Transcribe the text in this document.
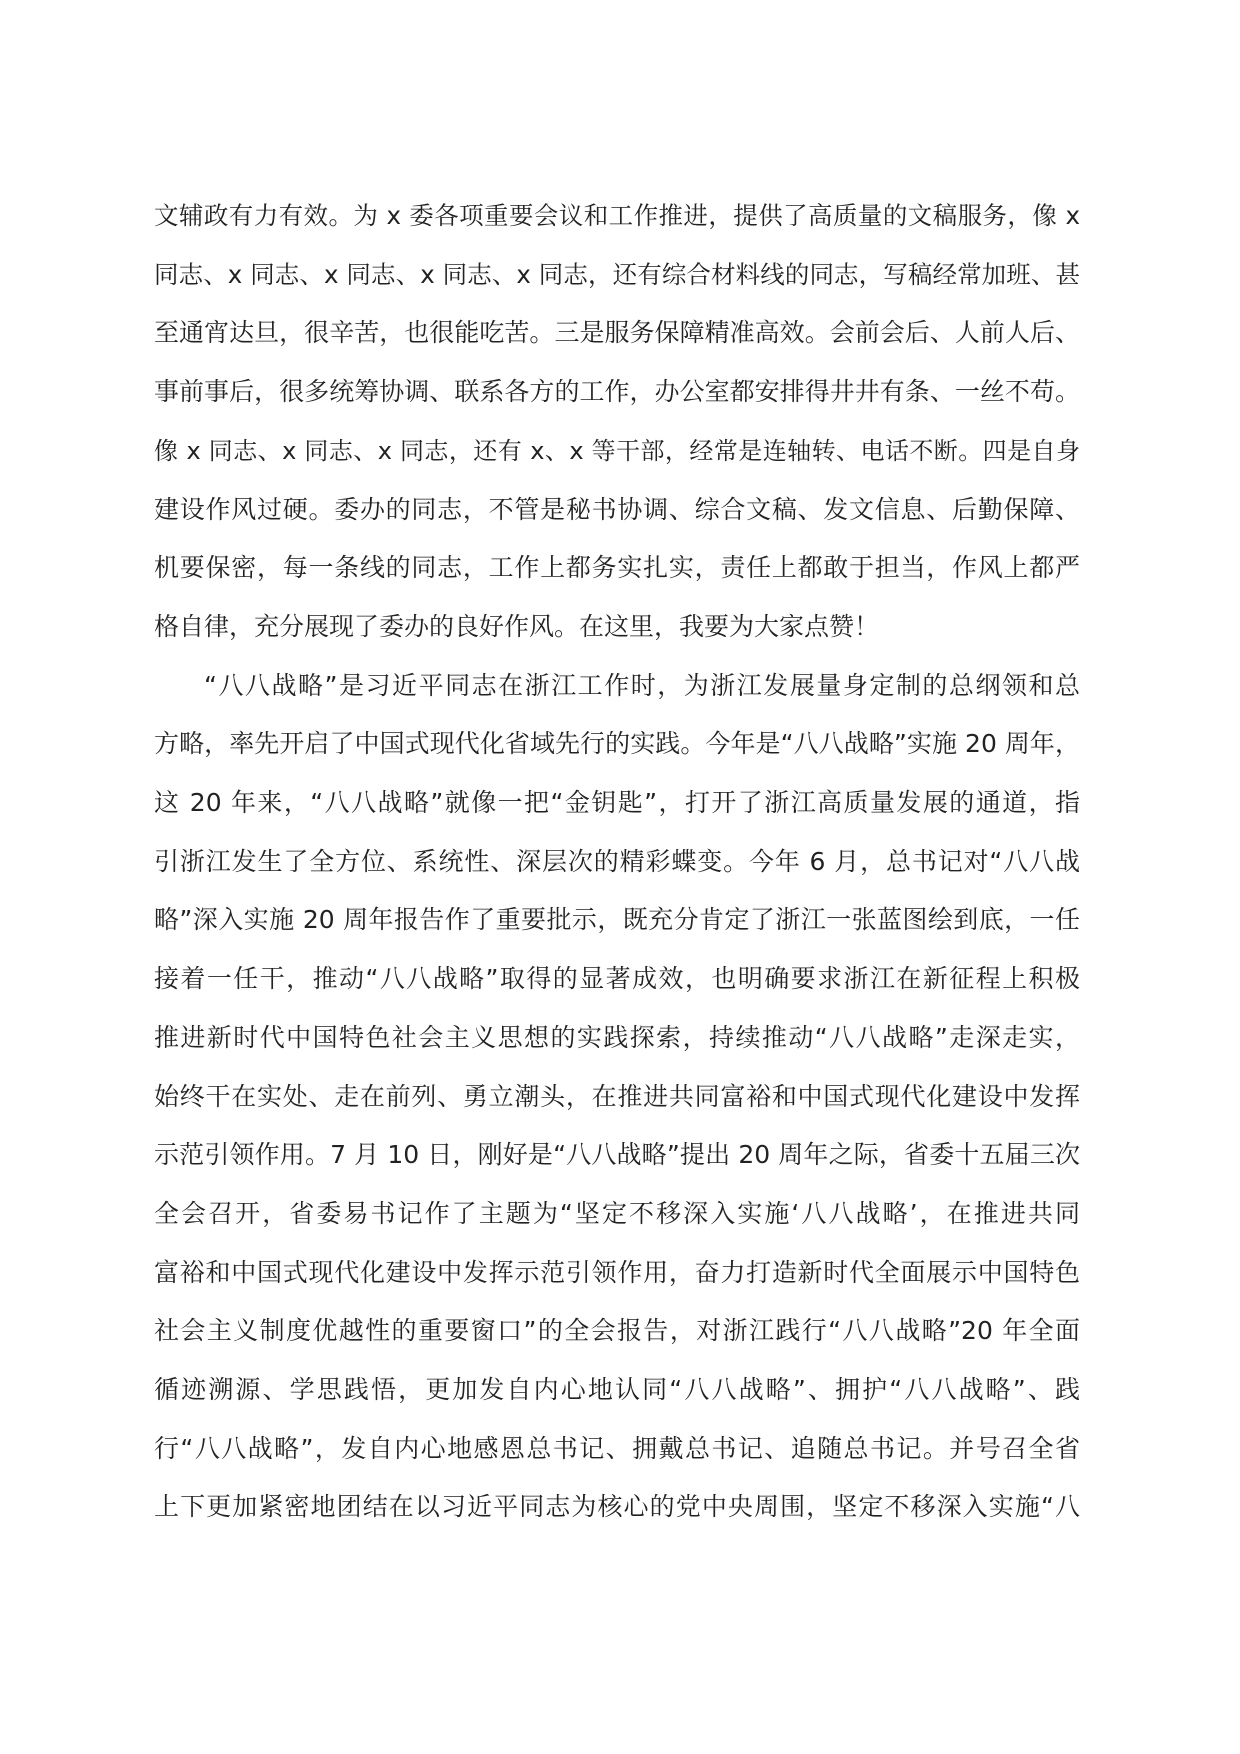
文辅政有力有效。为 x 委各项重要会议和工作推进，提供了高质量的文稿服务，像 x
同志、x 同志、x 同志、x 同志、x 同志，还有综合材料线的同志，写稿经常加班、甚
至通宵达旦，很辛苦，也很能吃苦。三是服务保障精准高效。会前会后、人前人后、
事前事后，很多统筹协调、联系各方的工作，办公室都安排得井井有条、一丝不苟。
像 x 同志、x 同志、x 同志，还有 x、x 等干部，经常是连轴转、电话不断。四是自身
建设作风过硬。委办的同志，不管是秘书协调、综合文稿、发文信息、后勤保障、
机要保密，每一条线的同志，工作上都务实扎实，责任上都敢于担当，作风上都严
格自律，充分展现了委办的良好作风。在这里，我要为大家点赞！
“八八战略”是习近平同志在浙江工作时，为浙江发展量身定制的总纲领和总
方略，率先开启了中国式现代化省域先行的实践。今年是“八八战略”实施 20 周年，
这 20 年来，“八八战略”就像一把“金钥匙”，打开了浙江高质量发展的通道，指
引浙江发生了全方位、系统性、深层次的精彩蝶变。今年 6 月，总书记对“八八战
略”深入实施 20 周年报告作了重要批示，既充分肯定了浙江一张蓝图绘到底，一任
接着一任干，推动“八八战略”取得的显著成效，也明确要求浙江在新征程上积极
推进新时代中国特色社会主义思想的实践探索，持续推动“八八战略”走深走实，
始终干在实处、走在前列、勇立潮头，在推进共同富裕和中国式现代化建设中发挥
示范引领作用。7 月 10 日，刚好是“八八战略”提出 20 周年之际，省委十五届三次
全会召开，省委易书记作了主题为“坚定不移深入实施‘八八战略’，在推进共同
富裕和中国式现代化建设中发挥示范引领作用，奋力打造新时代全面展示中国特色
社会主义制度优越性的重要窗口”的全会报告，对浙江践行“八八战略”20 年全面
循迹溯源、学思践悟，更加发自内心地认同“八八战略”、拥护“八八战略”、践
行“八八战略”，发自内心地感恩总书记、拥戴总书记、追随总书记。并号召全省
上下更加紧密地团结在以习近平同志为核心的党中央周围，坚定不移深入实施“八
